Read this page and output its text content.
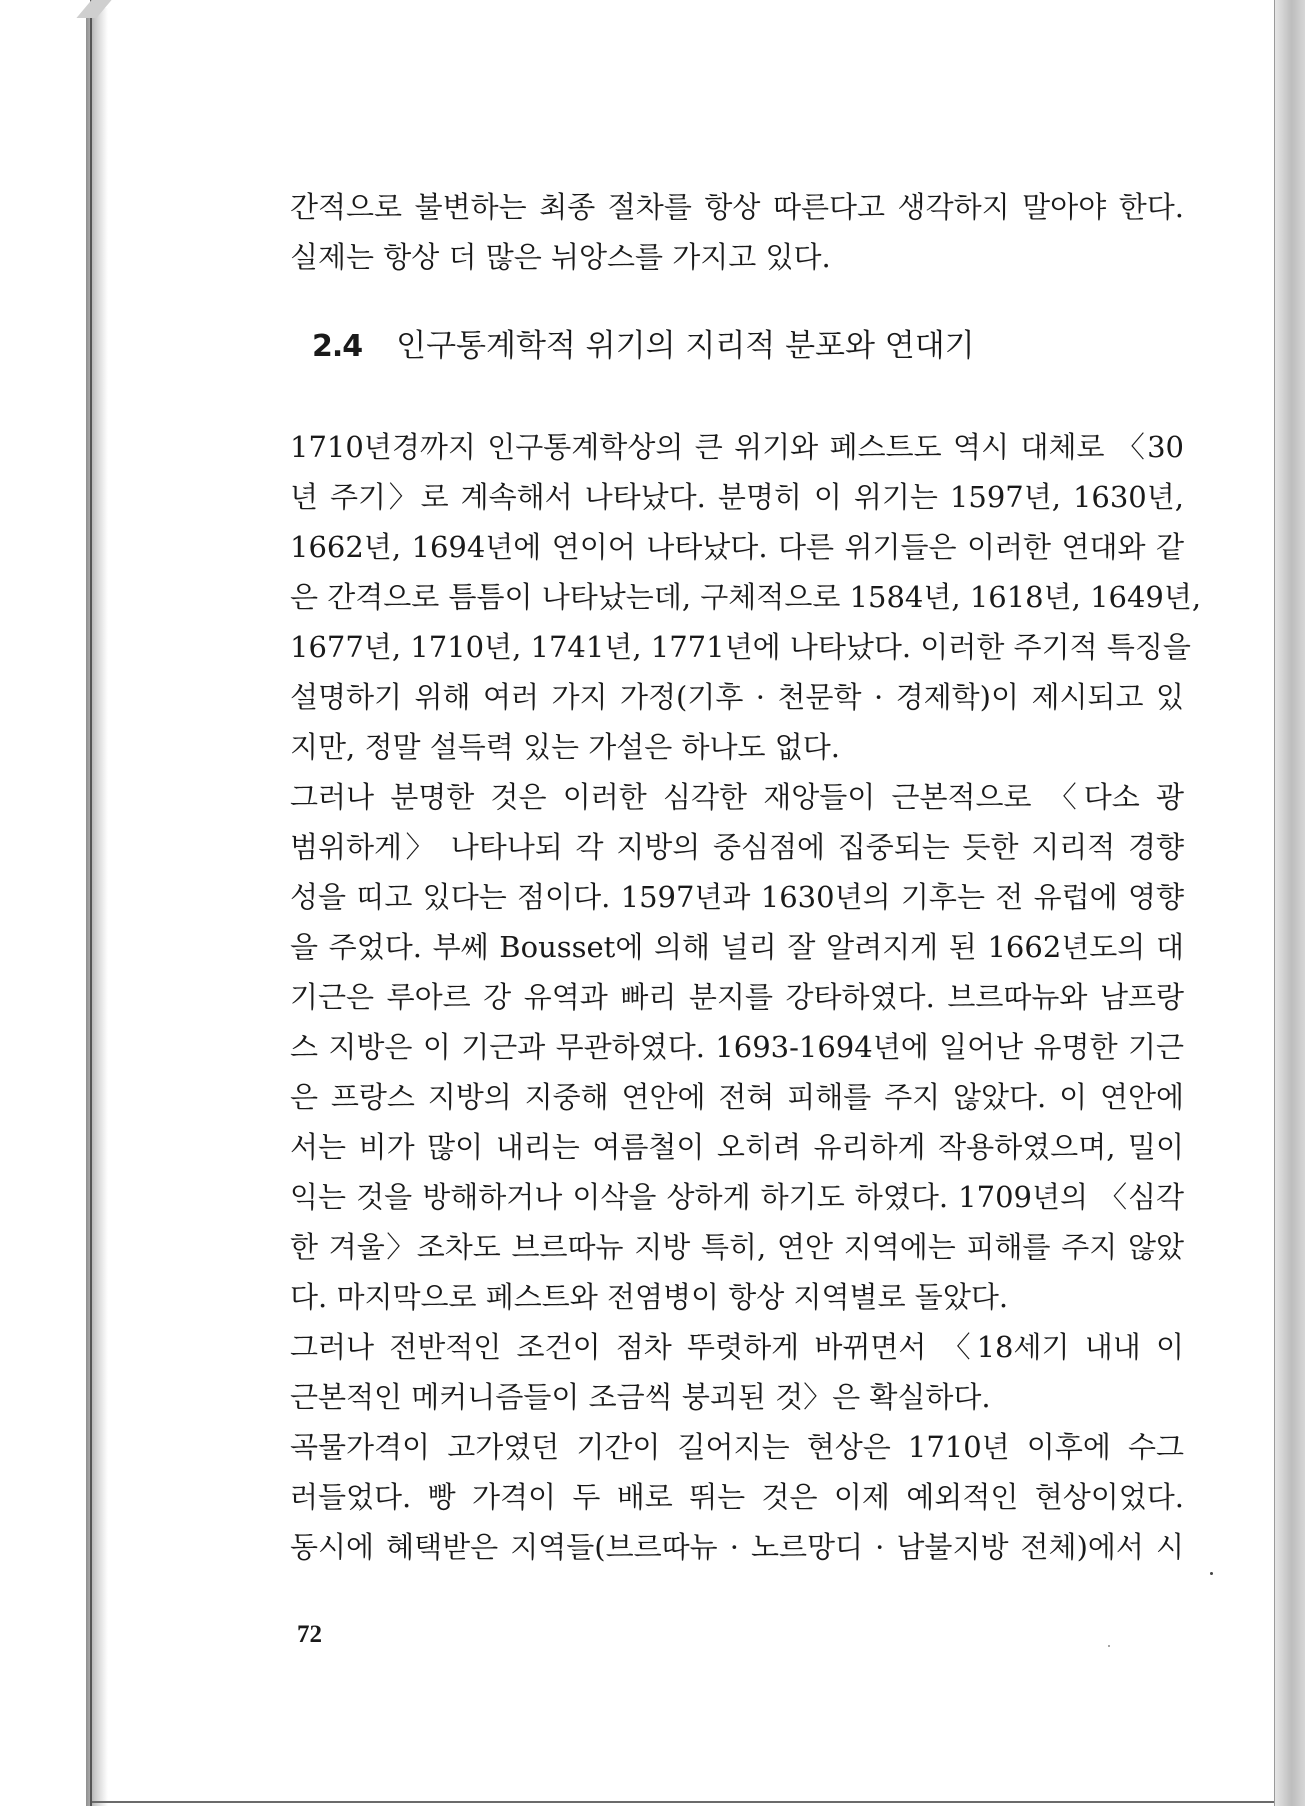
간적으로 불변하는 최종 절차를 항상 따른다고 생각하지 말아야 한다.
실제는 항상 더 많은 뉘앙스를 가지고 있다.
2.4 인구통계학적 위기의 지리적 분포와 연대기
1710년경까지 인구통계학상의 큰 위기와 페스트도 역시 대체로 〈30
년 주기〉로 계속해서 나타났다. 분명히 이 위기는 1597년, 1630년,
1662년, 1694년에 연이어 나타났다. 다른 위기들은 이러한 연대와 같
은 간격으로 틈틈이 나타났는데, 구체적으로 1584년, 1618년, 1649년,
1677년, 1710년, 1741년, 1771년에 나타났다. 이러한 주기적 특징을
설명하기 위해 여러 가지 가정(기후 · 천문학 · 경제학)이 제시되고 있
지만, 정말 설득력 있는 가설은 하나도 없다.
그러나 분명한 것은 이러한 심각한 재앙들이 근본적으로 〈다소 광
범위하게〉 나타나되 각 지방의 중심점에 집중되는 듯한 지리적 경향
성을 띠고 있다는 점이다. 1597년과 1630년의 기후는 전 유럽에 영향
을 주었다. 부쎄 Bousset에 의해 널리 잘 알려지게 된 1662년도의 대
기근은 루아르 강 유역과 빠리 분지를 강타하였다. 브르따뉴와 남프랑
스 지방은 이 기근과 무관하였다. 1693-1694년에 일어난 유명한 기근
은 프랑스 지방의 지중해 연안에 전혀 피해를 주지 않았다. 이 연안에
서는 비가 많이 내리는 여름철이 오히려 유리하게 작용하였으며, 밀이
익는 것을 방해하거나 이삭을 상하게 하기도 하였다. 1709년의 〈심각
한 겨울〉조차도 브르따뉴 지방 특히, 연안 지역에는 피해를 주지 않았
다. 마지막으로 페스트와 전염병이 항상 지역별로 돌았다.
그러나 전반적인 조건이 점차 뚜렷하게 바뀌면서 〈18세기 내내 이
근본적인 메커니즘들이 조금씩 붕괴된 것〉은 확실하다.
곡물가격이 고가였던 기간이 길어지는 현상은 1710년 이후에 수그
러들었다. 빵 가격이 두 배로 뛰는 것은 이제 예외적인 현상이었다.
동시에 혜택받은 지역들(브르따뉴 · 노르망디 · 남불지방 전체)에서 시
72
